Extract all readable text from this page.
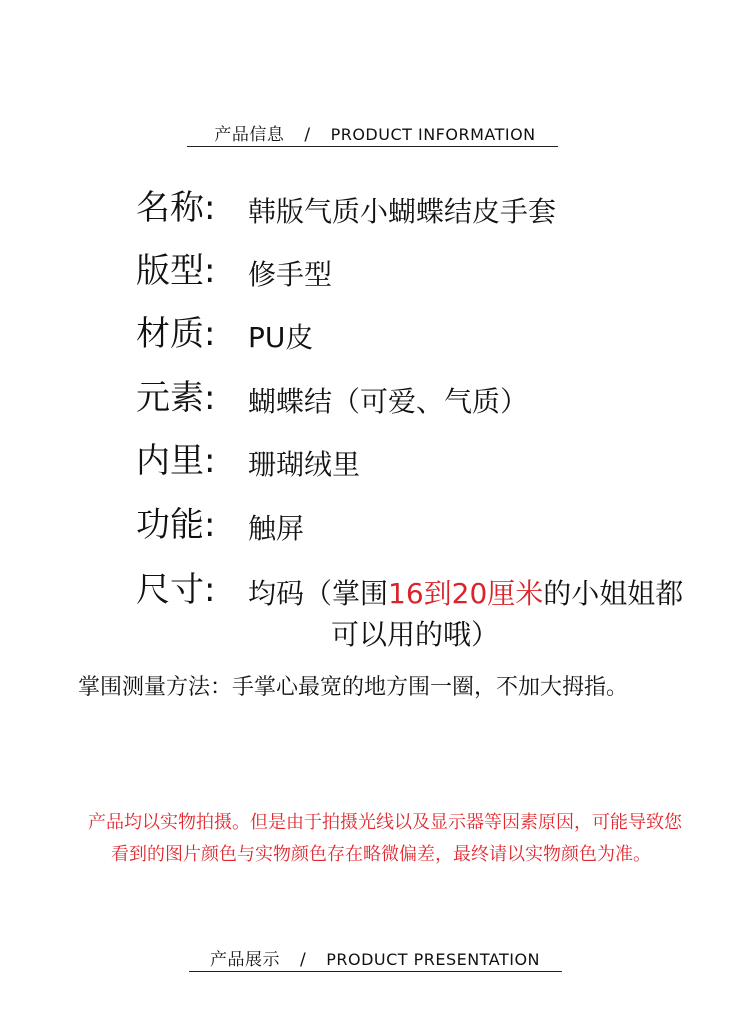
产品信息 / PRODUCT INFORMATION
名称: 韩版气质小蝴蝶结皮手套
版型: 修手型
材质: PU皮
元素: 蝴蝶结（可爱、气质）
内里: 珊瑚绒里
功能: 触屏
尺寸: 均码（掌围16到20厘米的小姐姐都
可以用的哦）
掌围测量方法：手掌心最宽的地方围一圈，不加大拇指。
产品均以实物拍摄。但是由于拍摄光线以及显示器等因素原因，可能导致您
看到的图片颜色与实物颜色存在略微偏差，最终请以实物颜色为准。
产品展示 / PRODUCT PRESENTATION
